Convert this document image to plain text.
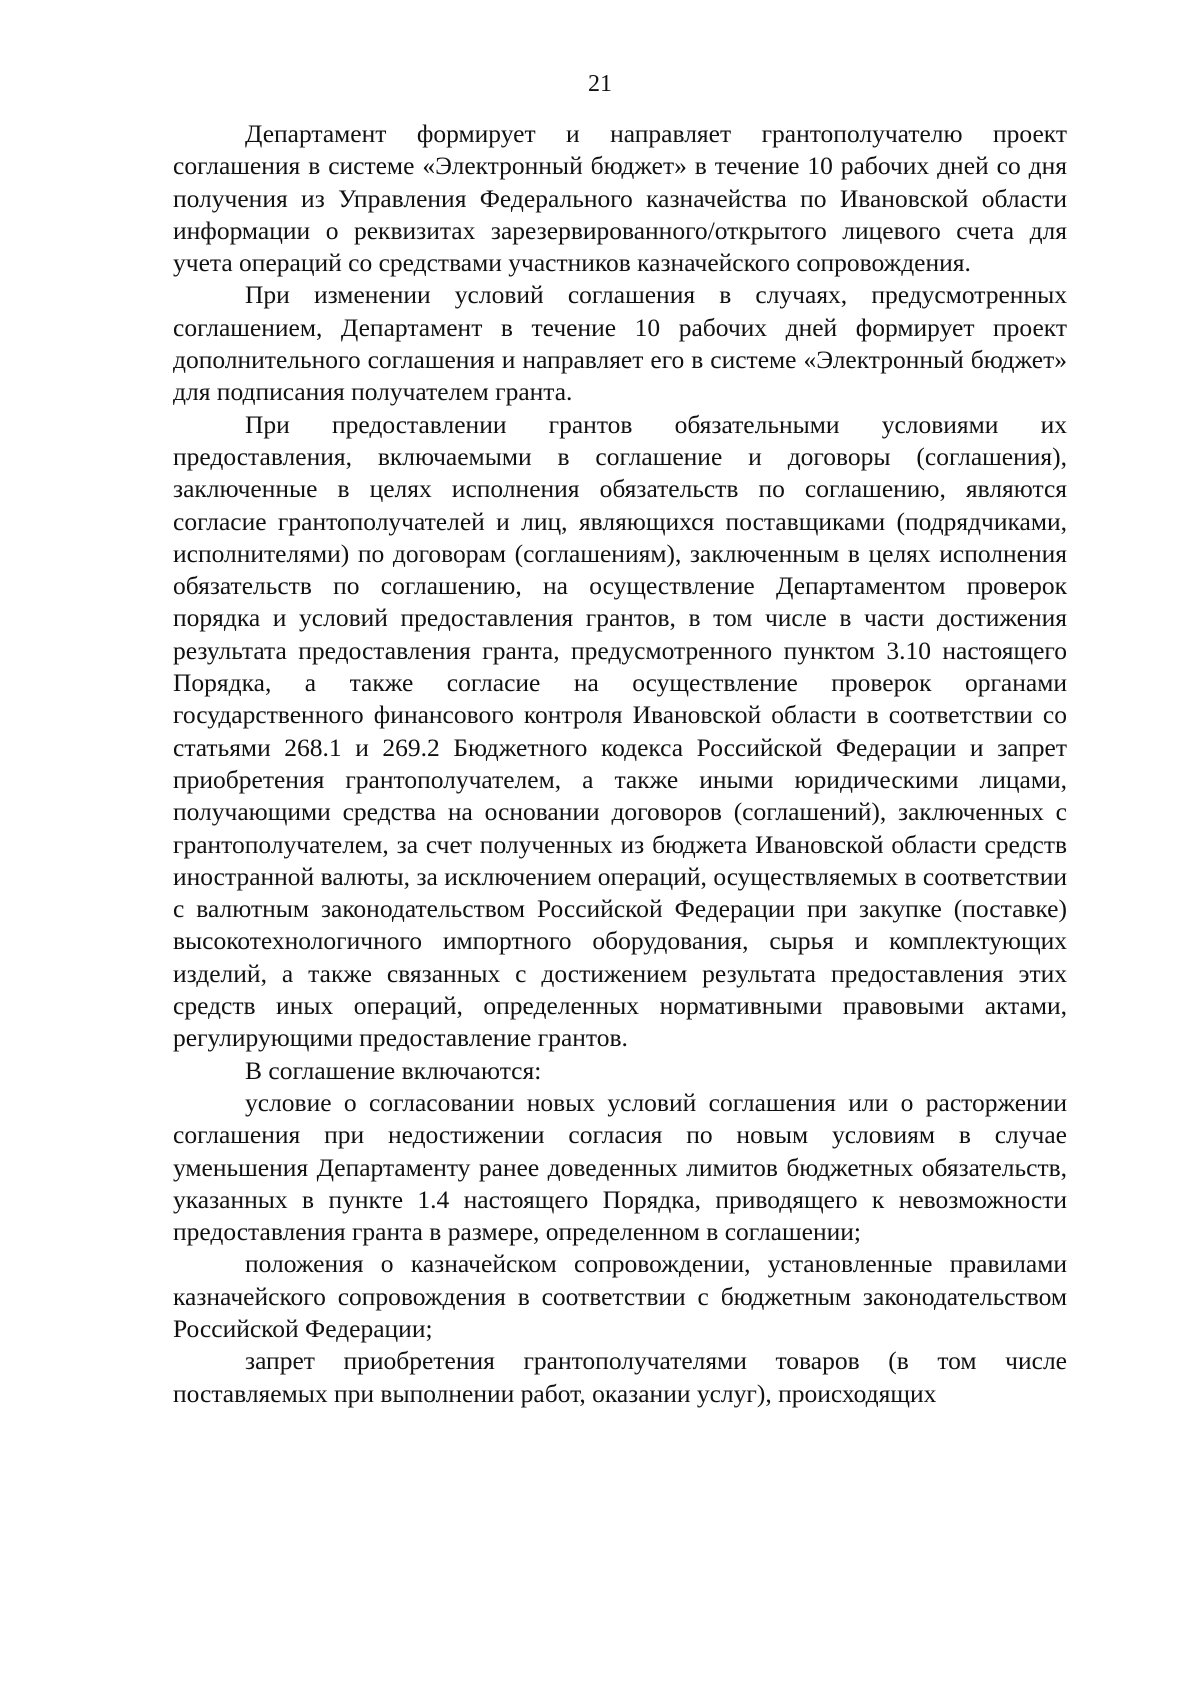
21

Департамент формирует и направляет грантополучателю проект соглашения в системе «Электронный бюджет» в течение 10 рабочих дней со дня получения из Управления Федерального казначейства по Ивановской области информации о реквизитах зарезервированного/открытого лицевого счета для учета операций со средствами участников казначейского сопровождения.

При изменении условий соглашения в случаях, предусмотренных соглашением, Департамент в течение 10 рабочих дней формирует проект дополнительного соглашения и направляет его в системе «Электронный бюджет» для подписания получателем гранта.

При предоставлении грантов обязательными условиями их предоставления, включаемыми в соглашение и договоры (соглашения), заключенные в целях исполнения обязательств по соглашению, являются согласие грантополучателей и лиц, являющихся поставщиками (подрядчиками, исполнителями) по договорам (соглашениям), заключенным в целях исполнения обязательств по соглашению, на осуществление Департаментом проверок порядка и условий предоставления грантов, в том числе в части достижения результата предоставления гранта, предусмотренного пунктом 3.10 настоящего Порядка, а также согласие на осуществление проверок органами государственного финансового контроля Ивановской области в соответствии со статьями 268.1 и 269.2 Бюджетного кодекса Российской Федерации и запрет приобретения грантополучателем, а также иными юридическими лицами, получающими средства на основании договоров (соглашений), заключенных с грантополучателем, за счет полученных из бюджета Ивановской области средств иностранной валюты, за исключением операций, осуществляемых в соответствии с валютным законодательством Российской Федерации при закупке (поставке) высокотехнологичного импортного оборудования, сырья и комплектующих изделий, а также связанных с достижением результата предоставления этих средств иных операций, определенных нормативными правовыми актами, регулирующими предоставление грантов.

В соглашение включаются:

условие о согласовании новых условий соглашения или о расторжении соглашения при недостижении согласия по новым условиям в случае уменьшения Департаменту ранее доведенных лимитов бюджетных обязательств, указанных в пункте 1.4 настоящего Порядка, приводящего к невозможности предоставления гранта в размере, определенном в соглашении;

положения о казначейском сопровождении, установленные правилами казначейского сопровождения в соответствии с бюджетным законодательством Российской Федерации;

запрет приобретения грантополучателями товаров (в том числе поставляемых при выполнении работ, оказании услуг), происходящих
